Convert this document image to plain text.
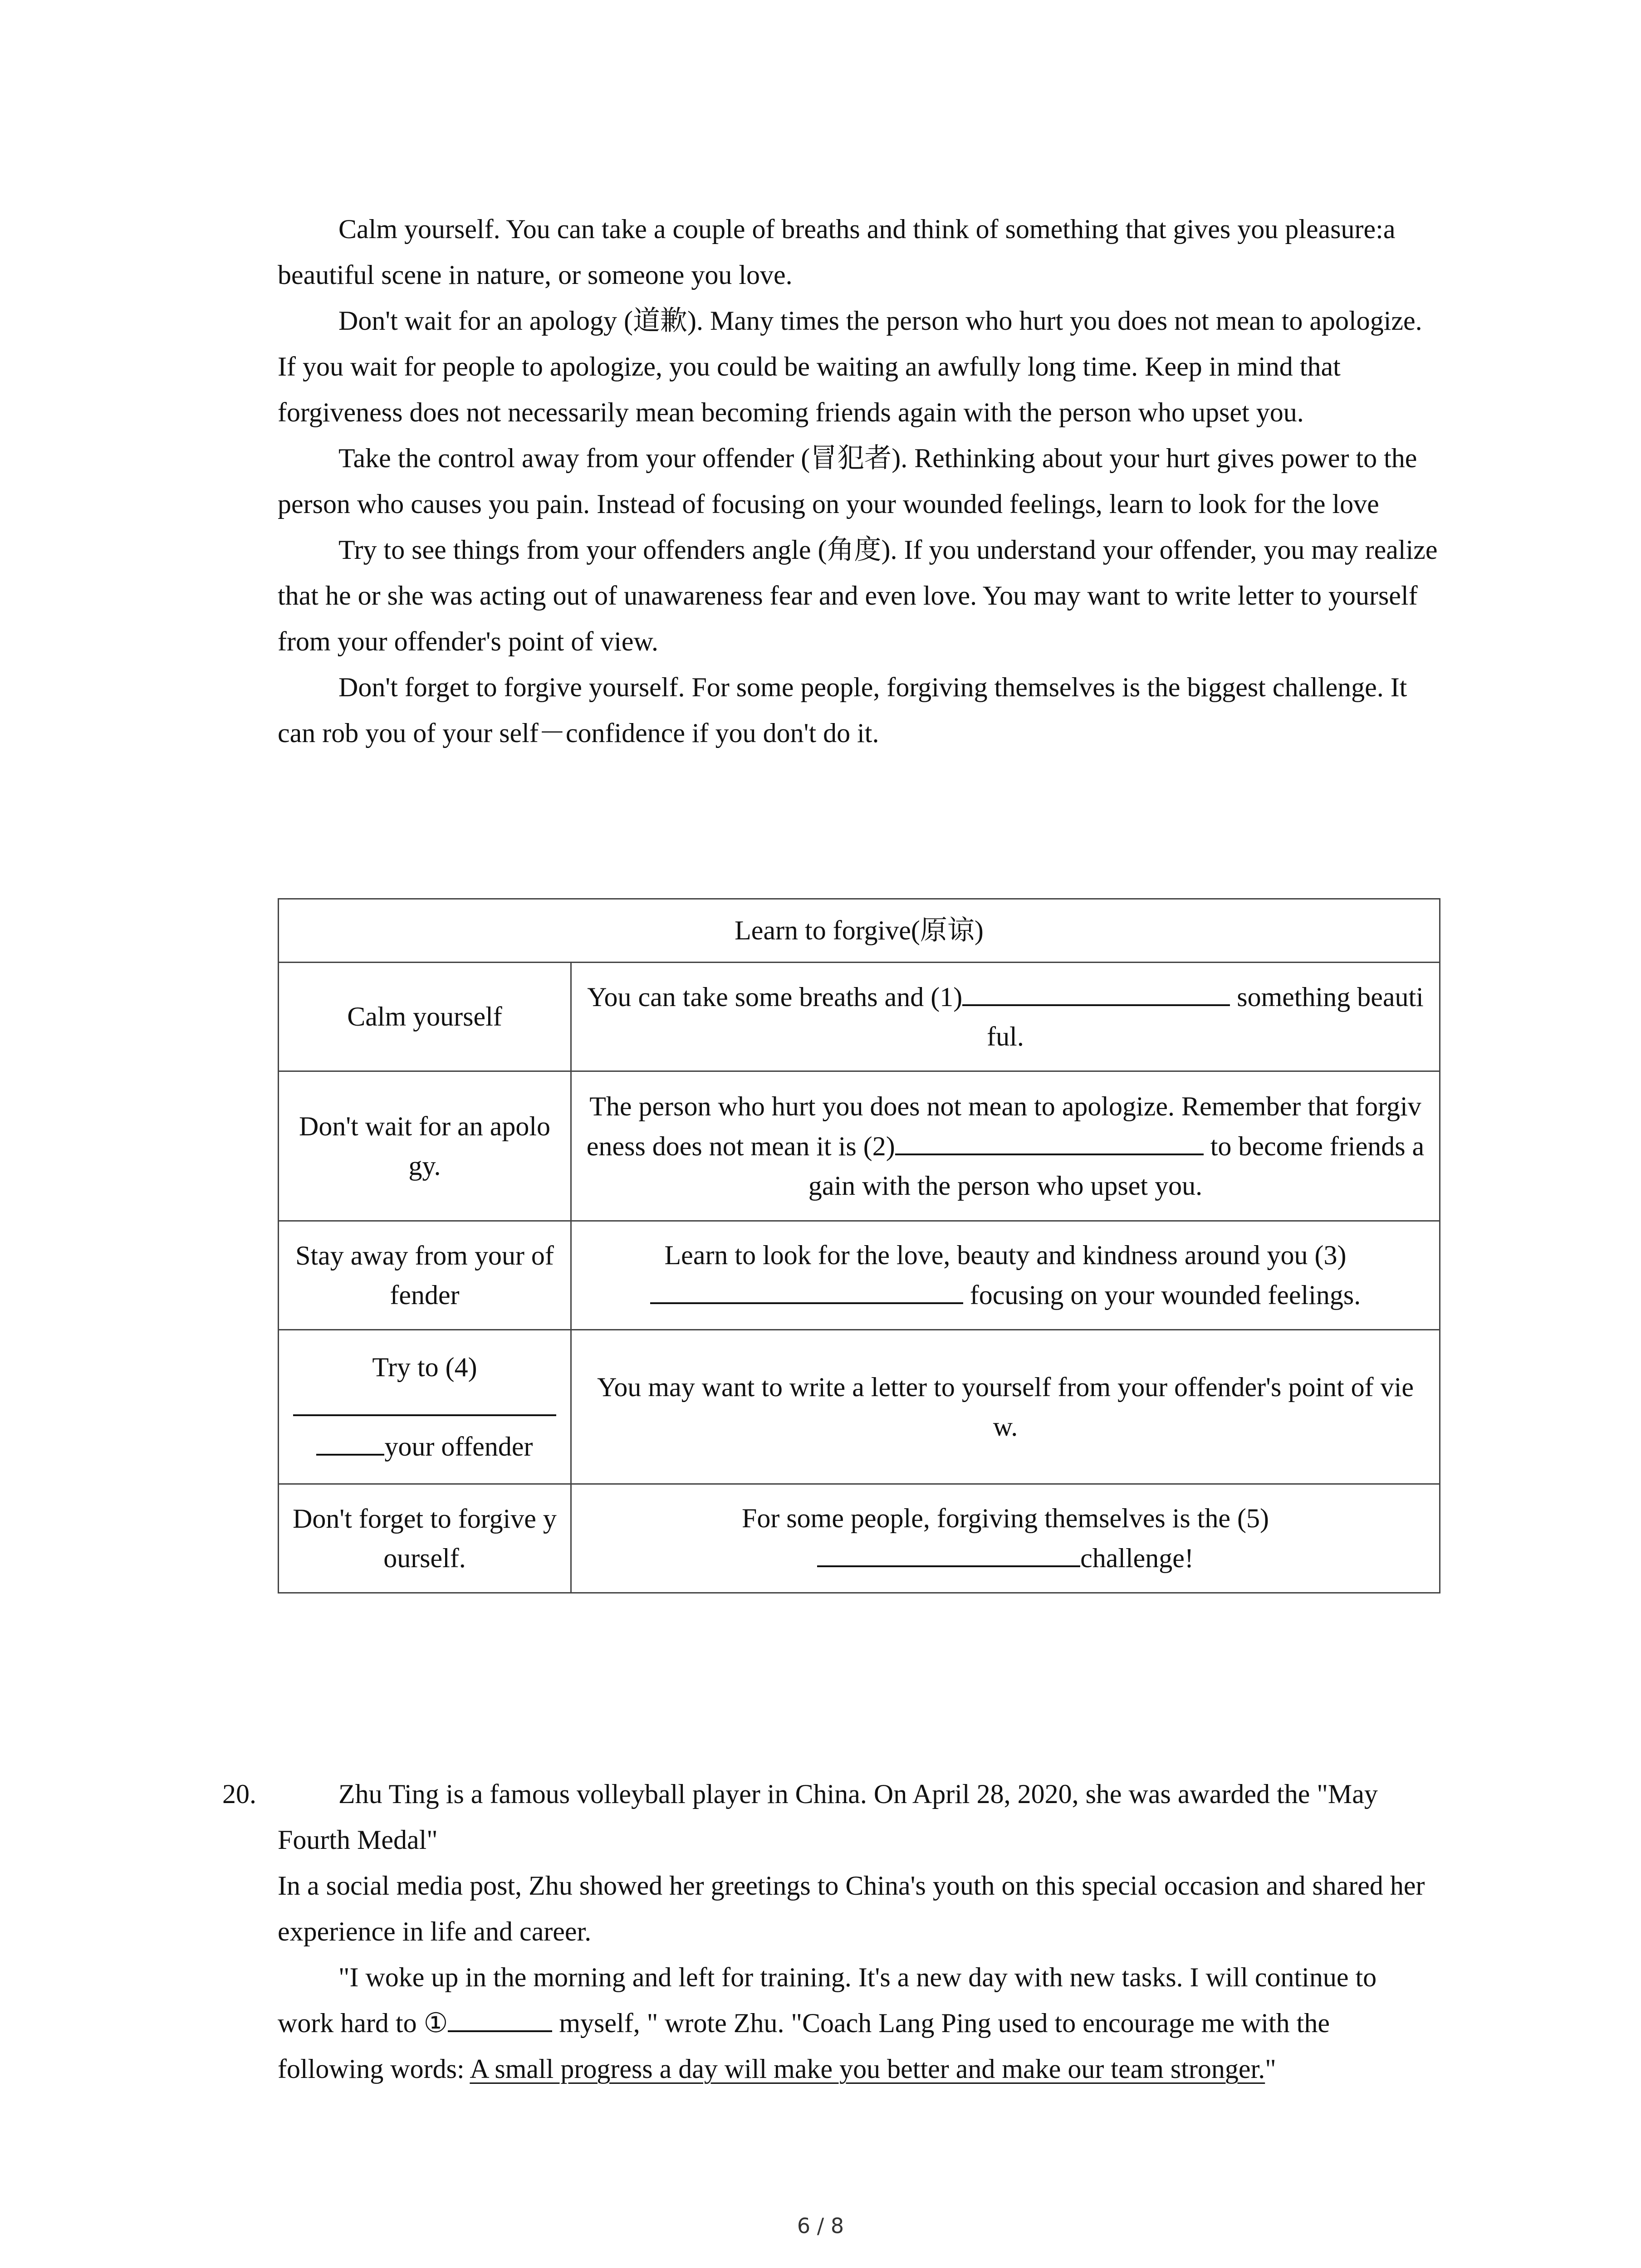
Calm yourself. You can take a couple of breaths and think of something that gives you pleasure:a beautiful scene in nature, or someone you love.

Don't wait for an apology (道歉). Many times the person who hurt you does not mean to apologize. If you wait for people to apologize, you could be waiting an awfully long time. Keep in mind that forgiveness does not necessarily mean becoming friends again with the person who upset you.

Take the control away from your offender (冒犯者). Rethinking about your hurt gives power to the person who causes you pain. Instead of focusing on your wounded feelings, learn to look for the love

Try to see things from your offenders angle (角度). If you understand your offender, you may realize that he or she was acting out of unawareness fear and even love. You may want to write letter to yourself from your offender's point of view.

Don't forget to forgive yourself. For some people, forgiving themselves is the biggest challenge. It can rob you of your self－confidence if you don't do it.

Learn to forgive(原谅)	
Calm yourself	You can take some breaths and (1) something beautiful.
Don't wait for an apology.	The person who hurt you does not mean to apologize. Remember that forgiveness does not mean it is (2) to become friends again with the person who upset you.
Stay away from your offender	Learn to look for the love, beauty and kindness around you (3)
focusing on your wounded feelings.
Try to (4)

your offender	You may want to write a letter to yourself from your offender's point of view.
Don't forget to forgive yourself.	For some people, forgiving themselves is the (5)
challenge!
20.	Zhu Ting is a famous volleyball player in China. On April 28, 2020, she was awarded the "May Fourth Medal"

In a social media post, Zhu showed her greetings to China's youth on this special occasion and shared her experience in life and career.

"I woke up in the morning and left for training. It's a new day with new tasks. I will continue to work hard to ①	myself, " wrote Zhu. "Coach Lang Ping used to encourage me with the following words: A small progress a day will make you better and make our team stronger."

6 / 8
